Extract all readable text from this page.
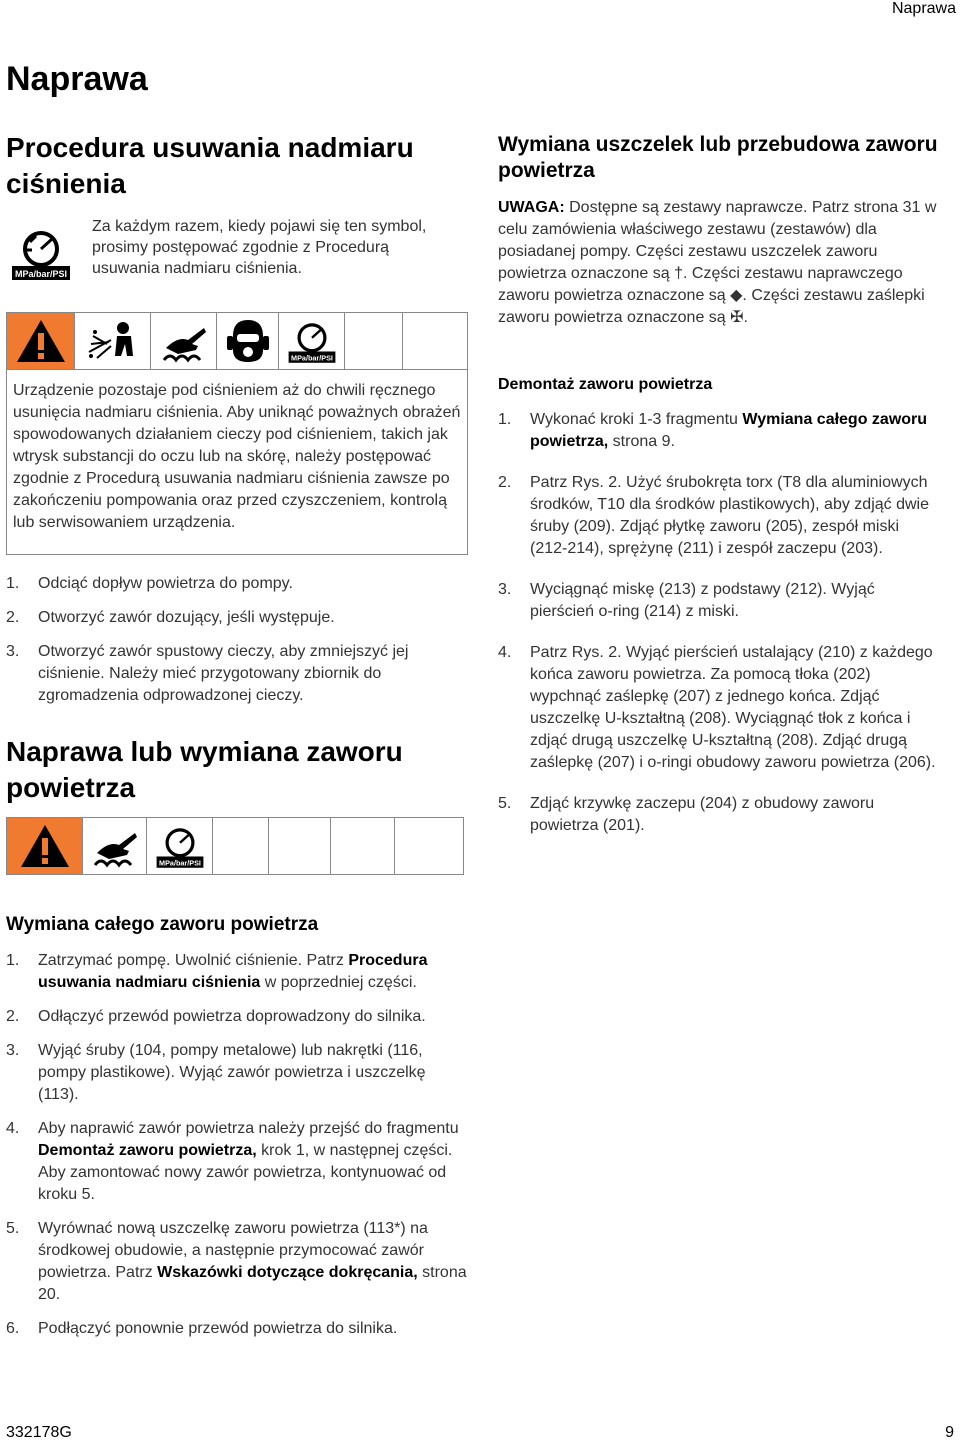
Naprawa
Naprawa
Procedura usuwania nadmiaru ciśnienia
MPa/bar/PSI
Za każdym razem, kiedy pojawi się ten symbol, prosimy postępować zgodnie z Procedurą usuwania nadmiaru ciśnienia.
MPa/bar/PSI
Urządzenie pozostaje pod ciśnieniem aż do chwili ręcznego usunięcia nadmiaru ciśnienia. Aby uniknąć poważnych obrażeń spowodowanych działaniem cieczy pod ciśnieniem, takich jak wtrysk substancji do oczu lub na skórę, należy postępować zgodnie z Procedurą usuwania nadmiaru ciśnienia zawsze po zakończeniu pompowania oraz przed czyszczeniem, kontrolą lub serwisowaniem urządzenia.
1. Odciąć dopływ powietrza do pompy.
2. Otworzyć zawór dozujący, jeśli występuje.
3. Otworzyć zawór spustowy cieczy, aby zmniejszyć jej ciśnienie. Należy mieć przygotowany zbiornik do zgromadzenia odprowadzonej cieczy.
Naprawa lub wymiana zaworu powietrza
MPa/bar/PSI
Wymiana całego zaworu powietrza
1. Zatrzymać pompę. Uwolnić ciśnienie. Patrz Procedura usuwania nadmiaru ciśnienia w poprzedniej części.
2. Odłączyć przewód powietrza doprowadzony do silnika.
3. Wyjąć śruby (104, pompy metalowe) lub nakrętki (116, pompy plastikowe). Wyjąć zawór powietrza i uszczelkę (113).
4. Aby naprawić zawór powietrza należy przejść do fragmentu Demontaż zaworu powietrza, krok 1, w następnej części. Aby zamontować nowy zawór powietrza, kontynuować od kroku 5.
5. Wyrównać nową uszczelkę zaworu powietrza (113*) na środkowej obudowie, a następnie przymocować zawór powietrza. Patrz Wskazówki dotyczące dokręcania, strona 20.
6. Podłączyć ponownie przewód powietrza do silnika.
Wymiana uszczelek lub przebudowa zaworu powietrza
UWAGA: Dostępne są zestawy naprawcze. Patrz strona 31 w celu zamówienia właściwego zestawu (zestawów) dla posiadanej pompy. Części zestawu uszczelek zaworu powietrza oznaczone są †. Części zestawu naprawczego zaworu powietrza oznaczone są ◆. Części zestawu zaślepki zaworu powietrza oznaczone są ✠.
Demontaż zaworu powietrza
1. Wykonać kroki 1-3 fragmentu Wymiana całego zaworu powietrza, strona 9.
2. Patrz Rys. 2. Użyć śrubokręta torx (T8 dla aluminiowych środków, T10 dla środków plastikowych), aby zdjąć dwie śruby (209). Zdjąć płytkę zaworu (205), zespół miski (212-214), sprężynę (211) i zespół zaczepu (203).
3. Wyciągnąć miskę (213) z podstawy (212). Wyjąć pierścień o-ring (214) z miski.
4. Patrz Rys. 2. Wyjąć pierścień ustalający (210) z każdego końca zaworu powietrza. Za pomocą tłoka (202) wypchnąć zaślepkę (207) z jednego końca. Zdjąć uszczelkę U-kształtną (208). Wyciągnąć tłok z końca i zdjąć drugą uszczelkę U-kształtną (208). Zdjąć drugą zaślepkę (207) i o-ringi obudowy zaworu powietrza (206).
5. Zdjąć krzywkę zaczepu (204) z obudowy zaworu powietrza (201).
332178G	9
